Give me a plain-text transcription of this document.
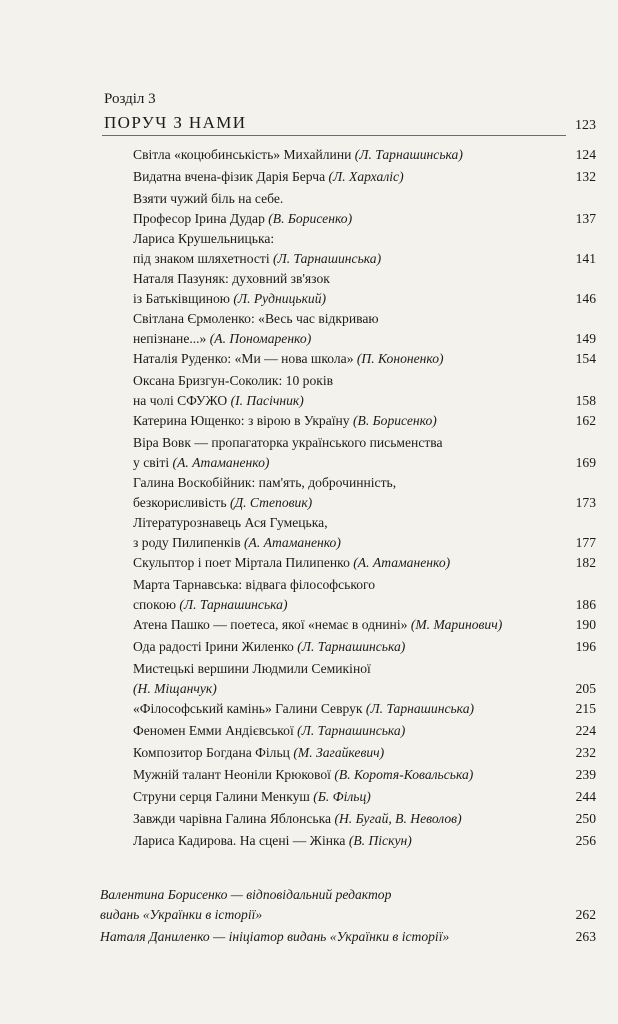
Розділ 3
ПОРУЧ З НАМИ	123
Світла «коцюбинськість» Михайлини (Л. Тарнашинська)	124
Видатна вчена-фізик Дарія Берча (Л. Хархаліс)	132
Взяти чужий біль на себе.
Професор Ірина Дудар (В. Борисенко)	137
Лариса Крушельницька:
під знаком шляхетності (Л. Тарнашинська)	141
Наталя Пазуняк: духовний зв'язок
із Батьківщиною (Л. Рудницький)	146
Світлана Єрмоленко: «Весь час відкриваю
непізнане...» (А. Пономаренко)	149
Наталія Руденко: «Ми — нова школа» (П. Кононенко)	154
Оксана Бризгун-Соколик: 10 років
на чолі СФУЖО (І. Пасічник)	158
Катерина Ющенко: з вірою в Україну (В. Борисенко)	162
Віра Вовк — пропагаторка українського письменства
у світі (А. Атаманенко)	169
Галина Воскобійник: пам'ять, доброчинність,
безкорисливість (Д. Степовик)	173
Літературознавець Ася Гумецька,
з роду Пилипенків (А. Атаманенко)	177
Скульптор і поет Міртала Пилипенко (А. Атаманенко)	182
Марта Тарнавська: відвага філософського
спокою (Л. Тарнашинська)	186
Атена Пашко — поетеса, якої «немає в однині» (М. Маринович)	190
Ода радості Ірини Жиленко (Л. Тарнашинська)	196
Мистецькі вершини Людмили Семикіної
(Н. Міщанчук)	205
«Філософський камінь» Галини Севрук (Л. Тарнашинська)	215
Феномен Емми Андієвської (Л. Тарнашинська)	224
Композитор Богдана Фільц (М. Загайкевич)	232
Мужній талант Неоніли Крюкової (В. Коротя-Ковальська)	239
Струни серця Галини Менкуш (Б. Фільц)	244
Завжди чарівна Галина Яблонська (Н. Бугай, В. Неволов)	250
Лариса Кадирова. На сцені — Жінка (В. Піскун)	256
Валентина Борисенко — відповідальний редактор
видань «Українки в історії»	262
Наталя Даниленко — ініціатор видань «Українки в історії»	263
